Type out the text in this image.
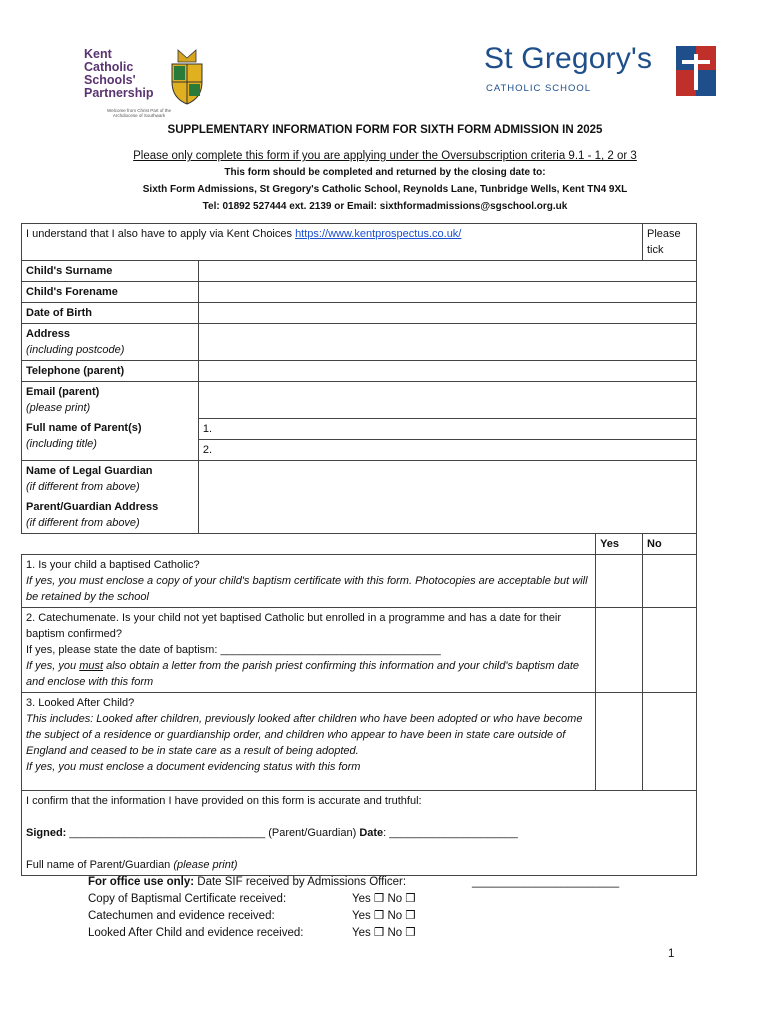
Kent
Catholic
Schools'
Partnership
Welcome from Christ Part of the Archdiocese of Southwark
St Gregory's
CATHOLIC SCHOOL
SUPPLEMENTARY INFORMATION FORM FOR SIXTH FORM ADMISSION IN 2025
Please only complete this form if you are applying under the Oversubscription criteria 9.1 - 1, 2 or 3
This form should be completed and returned by the closing date to:
Sixth Form Admissions, St Gregory's Catholic School, Reynolds Lane, Tunbridge Wells, Kent TN4 9XL
Tel: 01892 527444 ext. 2139 or Email: sixthformadmissions@sgschool.org.uk
I understand that I also have to apply via Kent Choices https://www.kentprospectus.co.uk/			Please tick
Child's Surname			
Child's Forename			
Date of Birth			

Address
(including postcode)			

Telephone (parent)			

Email (parent)
(please print)			

Full name of Parent(s)
(including title)	1.		
	2.		

Name of Legal Guardian
(if different from above)			

Parent/Guardian Address
(if different from above)			

		Yes	No

1. Is your child a baptised Catholic?
If yes, you must enclose a copy of your child's baptism certificate with this form. Photocopies are acceptable but will be retained by the school			

2. Catechumenate. Is your child not yet baptised Catholic but enrolled in a programme and has a date for their baptism confirmed?
If yes, please state the date of baptism: ____________________________________
If yes, you must also obtain a letter from the parish priest confirming this information and your child's baptism date and enclose with this form			

3. Looked After Child?
This includes: Looked after children, previously looked after children who have been adopted or who have become the subject of a residence or guardianship order, and children who appear to have been in state care outside of England and ceased to be in state care as a result of being adopted.
If yes, you must enclose a document evidencing status with this form			

I confirm that the information I have provided on this form is accurate and truthful:
Signed: ________________________________ (Parent/Guardian) Date: _____________________
Full name of Parent/Guardian (please print)			
For office use only: Date SIF received by Admissions Officer:	_______________________
Copy of Baptismal Certificate received:	Yes ❒ No ❒
Catechumen and evidence received:	Yes ❒ No ❒
Looked After Child and evidence received:	Yes ❒ No ❒
1
